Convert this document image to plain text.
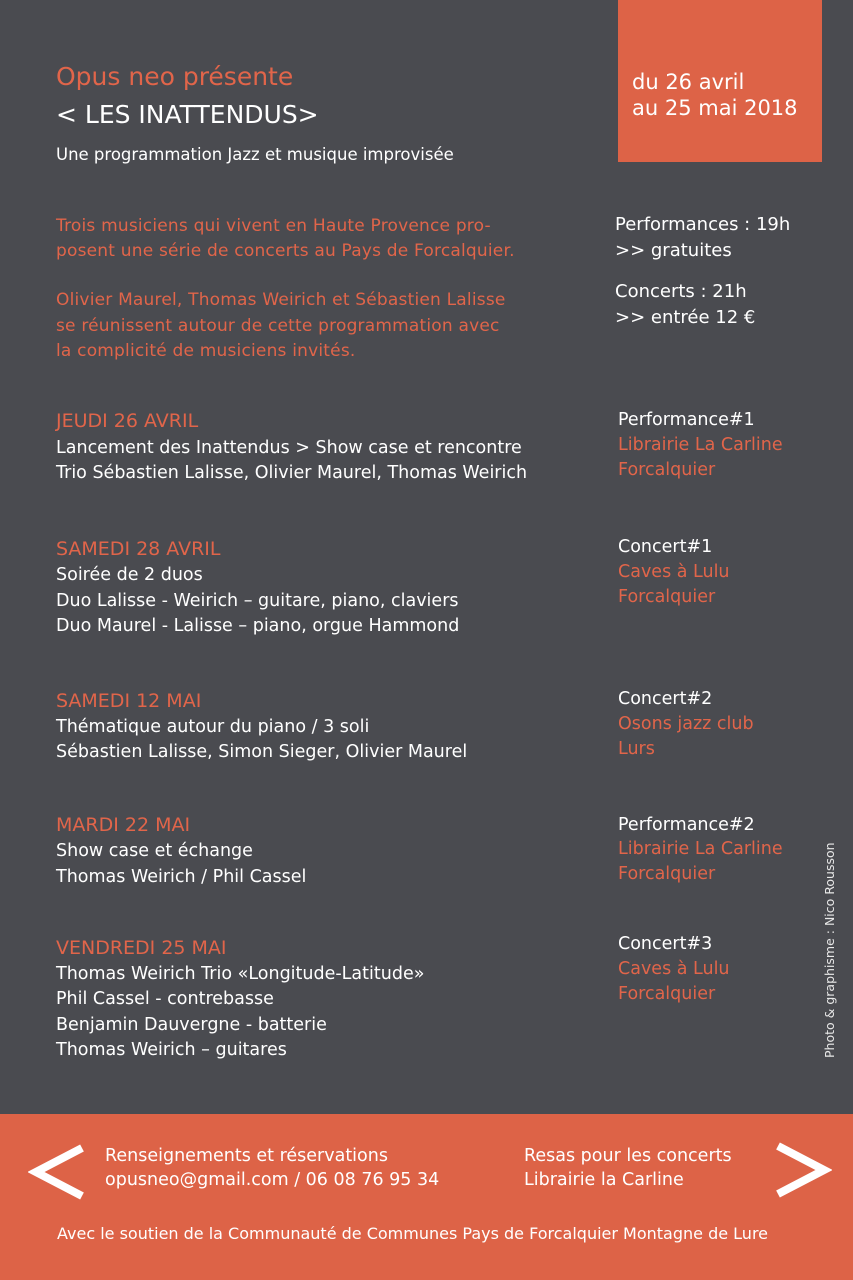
du 26 avril
au 25 mai 2018
Opus neo présente
< LES INATTENDUS>
Une programmation Jazz et musique improvisée
Trois musiciens qui vivent en Haute Provence pro-
posent une série de concerts au Pays de Forcalquier.
Olivier Maurel, Thomas Weirich et Sébastien Lalisse
se réunissent autour de cette programmation avec
la complicité de musiciens invités.
Performances : 19h
>> gratuites
Concerts : 21h
>> entrée 12 €
JEUDI 26 AVRIL
Lancement des Inattendus > Show case et rencontre
Trio Sébastien Lalisse, Olivier Maurel, Thomas Weirich
Performance#1
Librairie La Carline
Forcalquier
SAMEDI 28 AVRIL
Soirée de 2 duos
Duo Lalisse - Weirich – guitare, piano, claviers
Duo Maurel - Lalisse – piano, orgue Hammond
Concert#1
Caves à Lulu
Forcalquier
SAMEDI 12 MAI
Thématique autour du piano / 3 soli
Sébastien Lalisse, Simon Sieger, Olivier Maurel
Concert#2
Osons jazz club
Lurs
MARDI 22 MAI
Show case et échange
Thomas Weirich / Phil Cassel
Performance#2
Librairie La Carline
Forcalquier
VENDREDI 25 MAI
Thomas Weirich Trio «Longitude-Latitude»
Phil Cassel - contrebasse
Benjamin Dauvergne - batterie
Thomas Weirich – guitares
Concert#3
Caves à Lulu
Forcalquier	Photo & graphisme : Nico Rousson
Renseignements et réservations
opusneo@gmail.com / 06 08 76 95 34
Resas pour les concerts
Librairie la Carline
Avec le soutien de la Communauté de Communes Pays de Forcalquier Montagne de Lure
